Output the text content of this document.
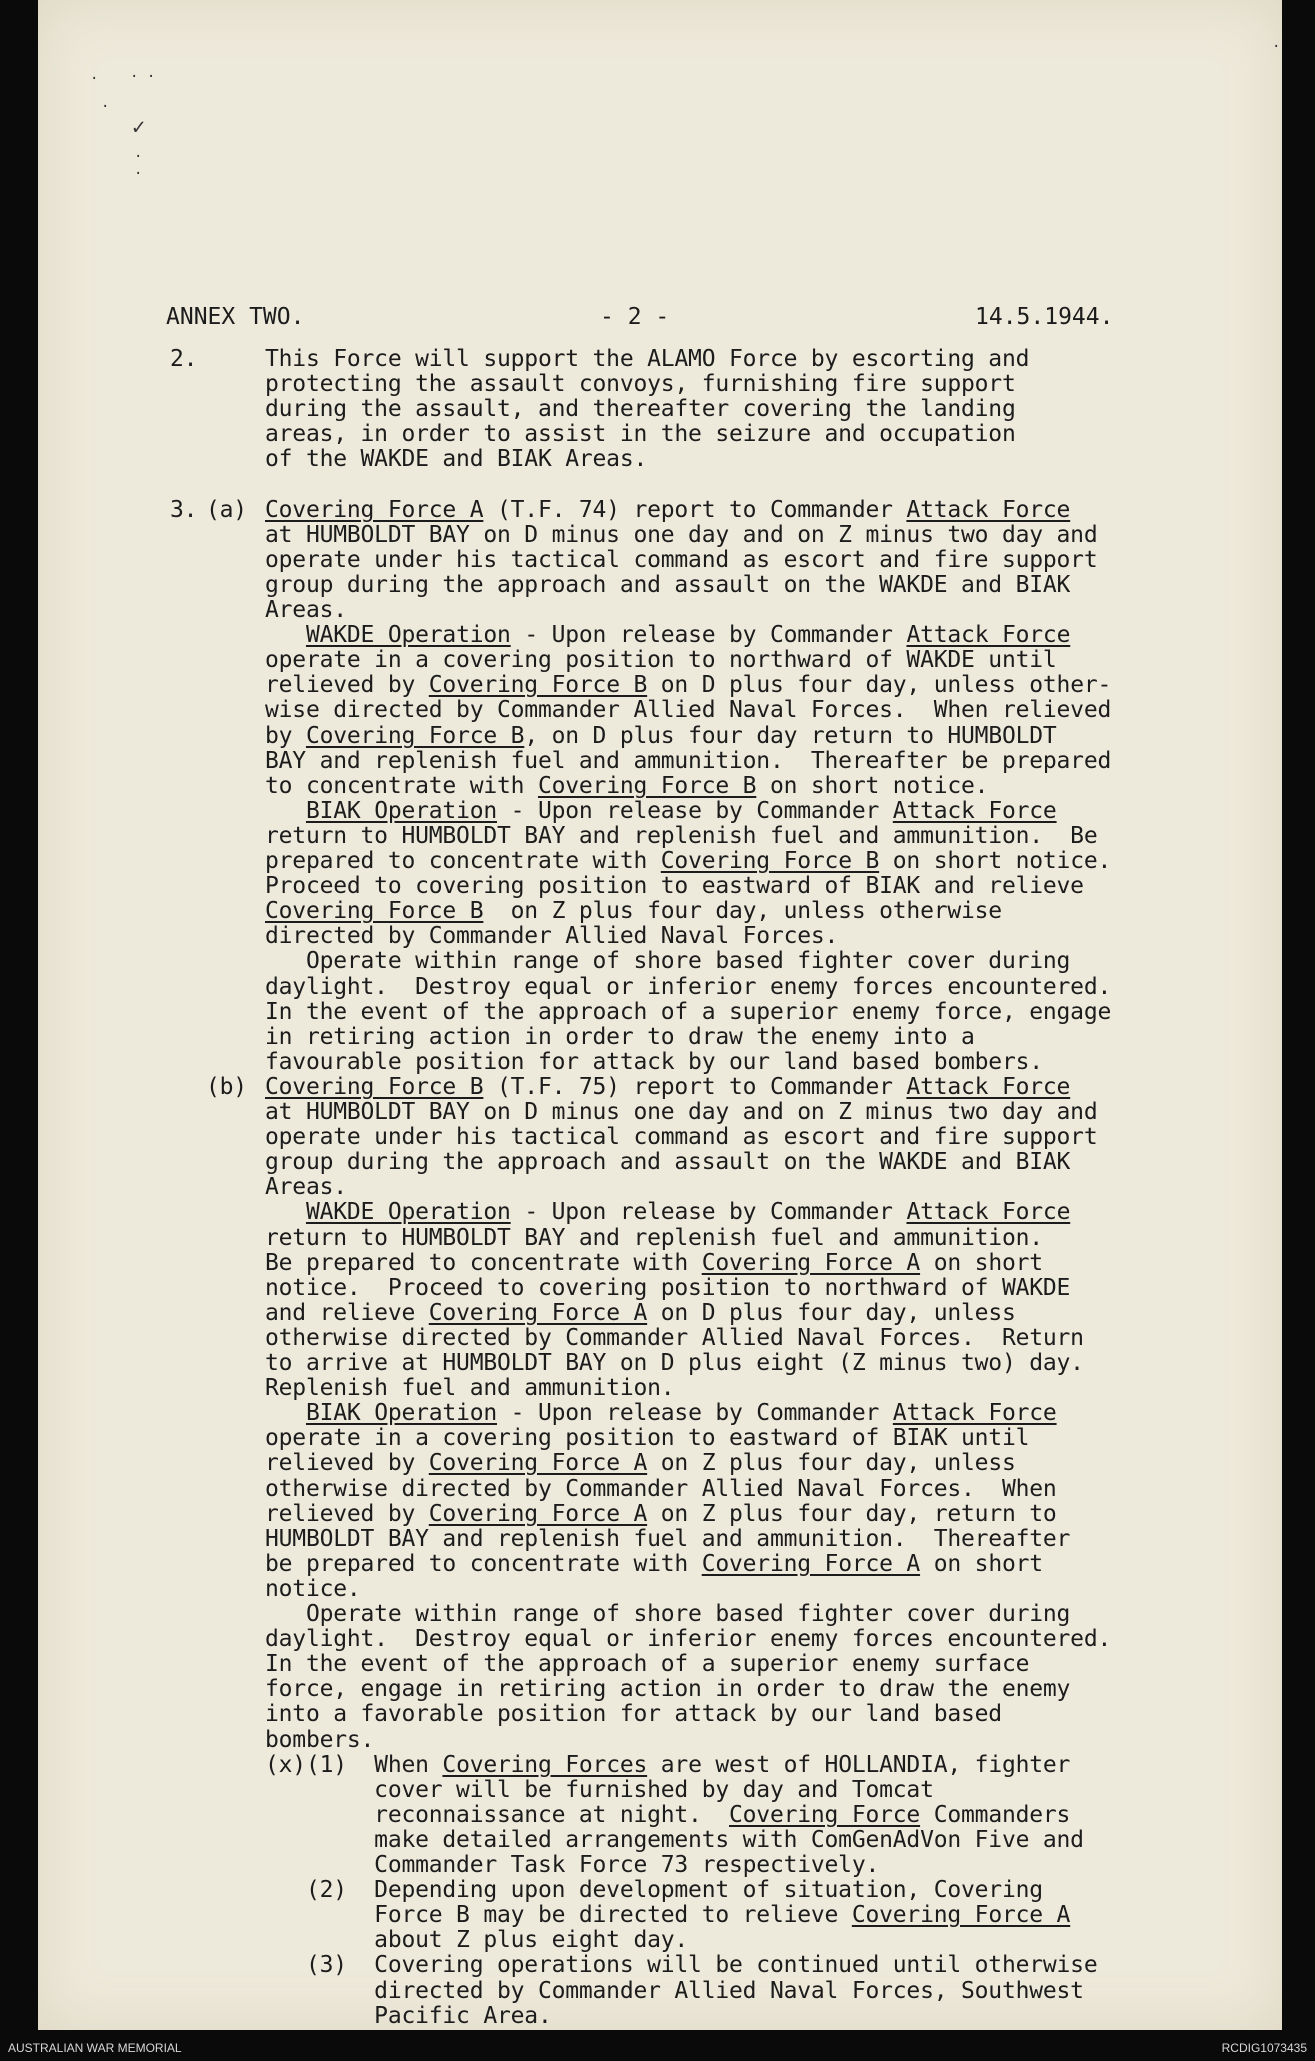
· · ·
·
✓
·
·
·
ANNEX TWO.	- 2 -	14.5.1944.
2.	This Force will support the ALAMO Force by escorting and
protecting the assault convoys, furnishing fire support
during the assault, and thereafter covering the landing
areas, in order to assist in the seizure and occupation
of the WAKDE and BIAK Areas.
3. (a) Covering Force A (T.F. 74) report to Commander Attack Force
at HUMBOLDT BAY on D minus one day and on Z minus two day and
operate under his tactical command as escort and fire support
group during the approach and assault on the WAKDE and BIAK
Areas.
WAKDE Operation - Upon release by Commander Attack Force
operate in a covering position to northward of WAKDE until
relieved by Covering Force B on D plus four day, unless other-
wise directed by Commander Allied Naval Forces.  When relieved
by Covering Force B, on D plus four day return to HUMBOLDT
BAY and replenish fuel and ammunition.  Thereafter be prepared
to concentrate with Covering Force B on short notice.
BIAK Operation - Upon release by Commander Attack Force
return to HUMBOLDT BAY and replenish fuel and ammunition.  Be
prepared to concentrate with Covering Force B on short notice.
Proceed to covering position to eastward of BIAK and relieve
Covering Force B  on Z plus four day, unless otherwise
directed by Commander Allied Naval Forces.
Operate within range of shore based fighter cover during
daylight.  Destroy equal or inferior enemy forces encountered.
In the event of the approach of a superior enemy force, engage
in retiring action in order to draw the enemy into a
favourable position for attack by our land based bombers.
(b) Covering Force B (T.F. 75) report to Commander Attack Force
at HUMBOLDT BAY on D minus one day and on Z minus two day and
operate under his tactical command as escort and fire support
group during the approach and assault on the WAKDE and BIAK
Areas.
WAKDE Operation - Upon release by Commander Attack Force
return to HUMBOLDT BAY and replenish fuel and ammunition.
Be prepared to concentrate with Covering Force A on short
notice.  Proceed to covering position to northward of WAKDE
and relieve Covering Force A on D plus four day, unless
otherwise directed by Commander Allied Naval Forces.  Return
to arrive at HUMBOLDT BAY on D plus eight (Z minus two) day.
Replenish fuel and ammunition.
BIAK Operation - Upon release by Commander Attack Force
operate in a covering position to eastward of BIAK until
relieved by Covering Force A on Z plus four day, unless
otherwise directed by Commander Allied Naval Forces.  When
relieved by Covering Force A on Z plus four day, return to
HUMBOLDT BAY and replenish fuel and ammunition.  Thereafter
be prepared to concentrate with Covering Force A on short
notice.
Operate within range of shore based fighter cover during
daylight.  Destroy equal or inferior enemy forces encountered.
In the event of the approach of a superior enemy surface
force, engage in retiring action in order to draw the enemy
into a favorable position for attack by our land based
bombers.
(x)(1)  When Covering Forces are west of HOLLANDIA, fighter
cover will be furnished by day and Tomcat
reconnaissance at night.  Covering Force Commanders
make detailed arrangements with ComGenAdVon Five and
Commander Task Force 73 respectively.
(2)  Depending upon development of situation, Covering
Force B may be directed to relieve Covering Force A
about Z plus eight day.
(3)  Covering operations will be continued until otherwise
directed by Commander Allied Naval Forces, Southwest
Pacific Area.
AUSTRALIAN WAR MEMORIAL	RCDIG1073435
